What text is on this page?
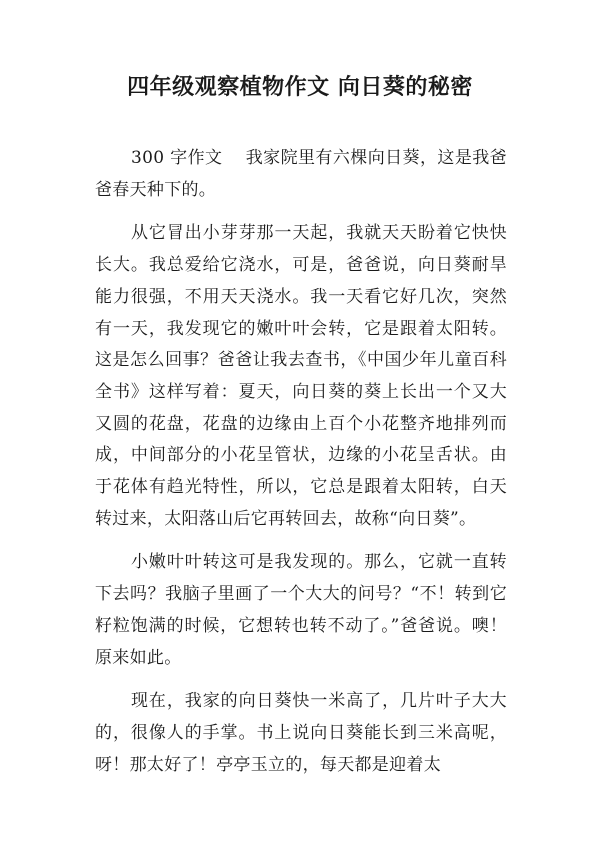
四年级观察植物作文 向日葵的秘密

300 字作文　 我家院里有六棵向日葵，这是我爸爸春天种下的。

从它冒出小芽芽那一天起，我就天天盼着它快快长大。我总爱给它浇水，可是，爸爸说，向日葵耐旱能力很强，不用天天浇水。我一天看它好几次，突然有一天，我发现它的嫩叶叶会转，它是跟着太阳转。这是怎么回事？爸爸让我去查书，《中国少年儿童百科全书》这样写着：夏天，向日葵的葵上长出一个又大又圆的花盘，花盘的边缘由上百个小花整齐地排列而成，中间部分的小花呈管状，边缘的小花呈舌状。由于花体有趋光特性，所以，它总是跟着太阳转，白天转过来，太阳落山后它再转回去，故称“向日葵”。

小嫩叶叶转这可是我发现的。那么，它就一直转下去吗？我脑子里画了一个大大的问号？“不！转到它籽粒饱满的时候，它想转也转不动了。”爸爸说。噢！原来如此。

现在，我家的向日葵快一米高了，几片叶子大大的，很像人的手掌。书上说向日葵能长到三米高呢，呀！那太好了！亭亭玉立的，每天都是迎着太
